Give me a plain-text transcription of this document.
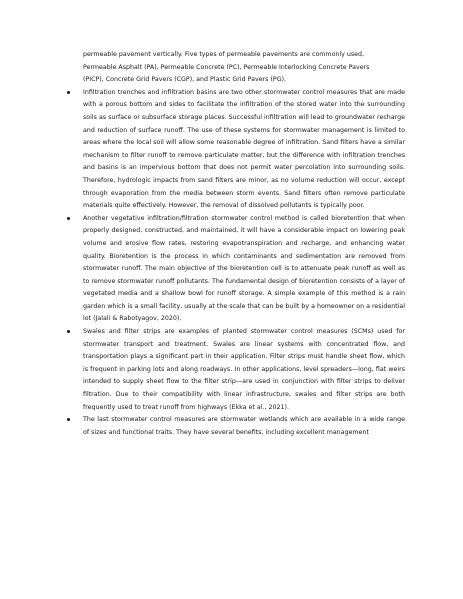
permeable pavement vertically. Five types of permeable pavements are commonly used,

Permeable Asphalt (PA), Permeable Concrete (PC), Permeable Interlocking Concrete Pavers

(PICP), Concrete Grid Pavers (CGP), and Plastic Grid Pavers (PG).

Infiltration trenches and infiltration basins are two other stormwater control measures that are made with a porous bottom and sides to facilitate the infiltration of the stored water into the surrounding soils as surface or subsurface storage places. Successful infiltration will lead to groundwater recharge and reduction of surface runoff. The use of these systems for stormwater management is limited to areas where the local soil will allow some reasonable degree of infiltration. Sand filters have a similar mechanism to filter runoff to remove particulate matter, but the difference with infiltration trenches and basins is an impervious bottom that does not permit water percolation into surrounding soils. Therefore, hydrologic impacts from sand filters are minor, as no volume reduction will occur, except through evaporation from the media between storm events. Sand filters often remove particulate materials quite effectively. However, the removal of dissolved pollutants is typically poor.

Another vegetative infiltration/filtration stormwater control method is called bioretention that when properly designed, constructed, and maintained, it will have a considerable impact on lowering peak volume and erosive flow rates, restoring evapotranspiration and recharge, and enhancing water quality. Bioretention is the process in which contaminants and sedimentation are removed from stormwater runoff. The main objective of the bioretention cell is to attenuate peak runoff as well as to remove stormwater runoff pollutants. The fundamental design of bioretention consists of a layer of vegetated media and a shallow bowl for runoff storage. A simple example of this method is a rain garden which is a small facility, usually at the scale that can be built by a homeowner on a residential lot (Jalali & Rabotyagov, 2020).

Swales and filter strips are examples of planted stormwater control measures (SCMs) used for stormwater transport and treatment. Swales are linear systems with concentrated flow, and transportation plays a significant part in their application. Filter strips must handle sheet flow, which is frequent in parking lots and along roadways. In other applications, level spreaders—long, flat weirs intended to supply sheet flow to the filter strip—are used in conjunction with filter strips to deliver filtration. Due to their compatibility with linear infrastructure, swales and filter strips are both frequently used to treat runoff from highways (Ekka et al., 2021).

The last stormwater control measures are stormwater wetlands which are available in a wide range of sizes and functional traits. They have several benefits, including excellent management
